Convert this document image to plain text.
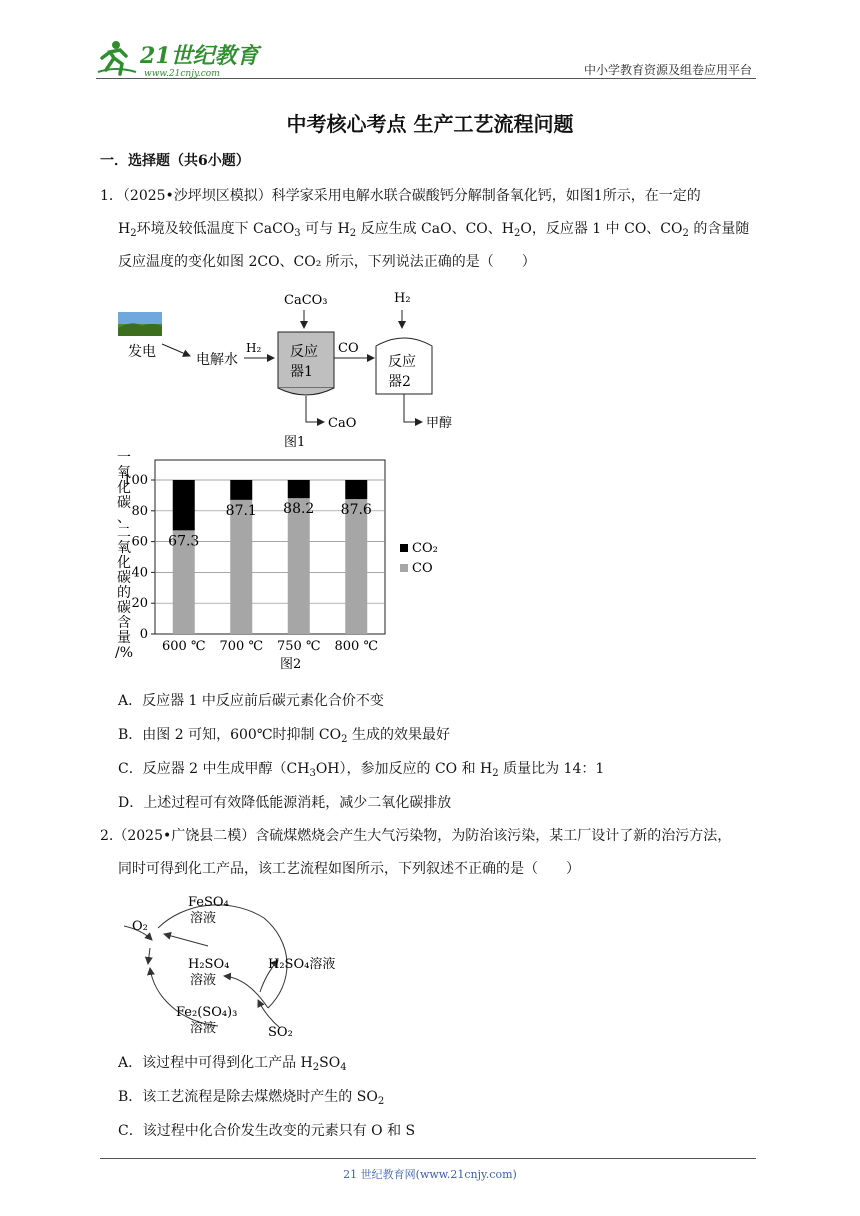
21世纪教育
www.21cnjy.com	中小学教育资源及组卷应用平台
中考核心考点 生产工艺流程问题
一．选择题（共6小题）
1．（2025•沙坪坝区模拟）科学家采用电解水联合碳酸钙分解制备氧化钙，如图1所示，在一定的
$H_2$环境及较低温度下 CaCO$_3$ 可与 $H_2$ 反应生成 CaO、CO、$H_2O$，反应器 1 中 CO、$CO_2$ 的含量随
反应温度的变化如图 2CO、CO₂ 所示，下列说法正确的是（　　）
发电	电解水
H₂
CaCO₃
反应
器1
CO
H₂
反应
器2
CaO	甲醇
图1
一
氧
化
碳
、
二
氧
化
碳
的
碳
含
量
/%
0
20
40
60
80
100
67.3
600 ℃
87.1
700 ℃
88.2
750 ℃
87.6
800 ℃
CO₂
CO
图2
A．反应器 1 中反应前后碳元素化合价不变
B．由图 2 可知，600℃时抑制 $CO_2$ 生成的效果最好
C．反应器 2 中生成甲醇$(CH_3OH)$，参加反应的 CO 和 $H_2$ 质量比为 14：1
D．上述过程可有效降低能源消耗，减少二氧化碳排放
2.（2025•广饶县二模）含硫煤燃烧会产生大气污染物，为防治该污染，某工厂设计了新的治污方法，
同时可得到化工产品，该工艺流程如图所示，下列叙述不正确的是（　　）
FeSO₄
溶液
O₂
H₂SO₄
溶液
H₂SO₄溶液
Fe₂(SO₄)₃
溶液	SO₂
A．该过程中可得到化工产品 $H_2SO_4$
B．该工艺流程是除去煤燃烧时产生的 $SO_2$
C．该过程中化合价发生改变的元素只有 O 和 S
21 世纪教育网(www.21cnjy.com)
